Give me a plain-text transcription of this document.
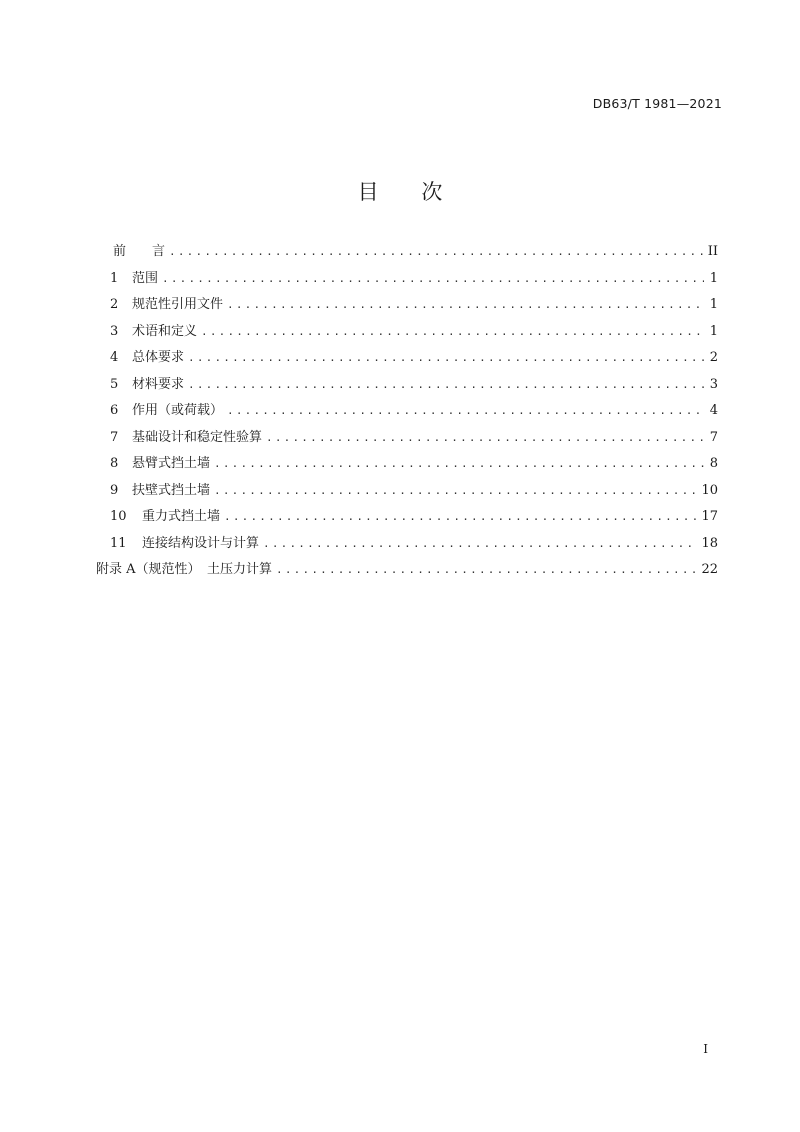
DB63/T 1981—2021
目 次
前 言 .....	II
1	范围 .....	1
2	规范性引用文件 .....	1
3	术语和定义 .....	1
4	总体要求 .....	2
5	材料要求 .....	3
6	作用（或荷载） .....	4
7	基础设计和稳定性验算 .....	7
8	悬臂式挡土墙 .....	8
9	扶壁式挡土墙 .....	10
10	重力式挡土墙 .....	17
11	连接结构设计与计算 .....	18
附录 A（规范性）　土压力计算 .....	22
I
